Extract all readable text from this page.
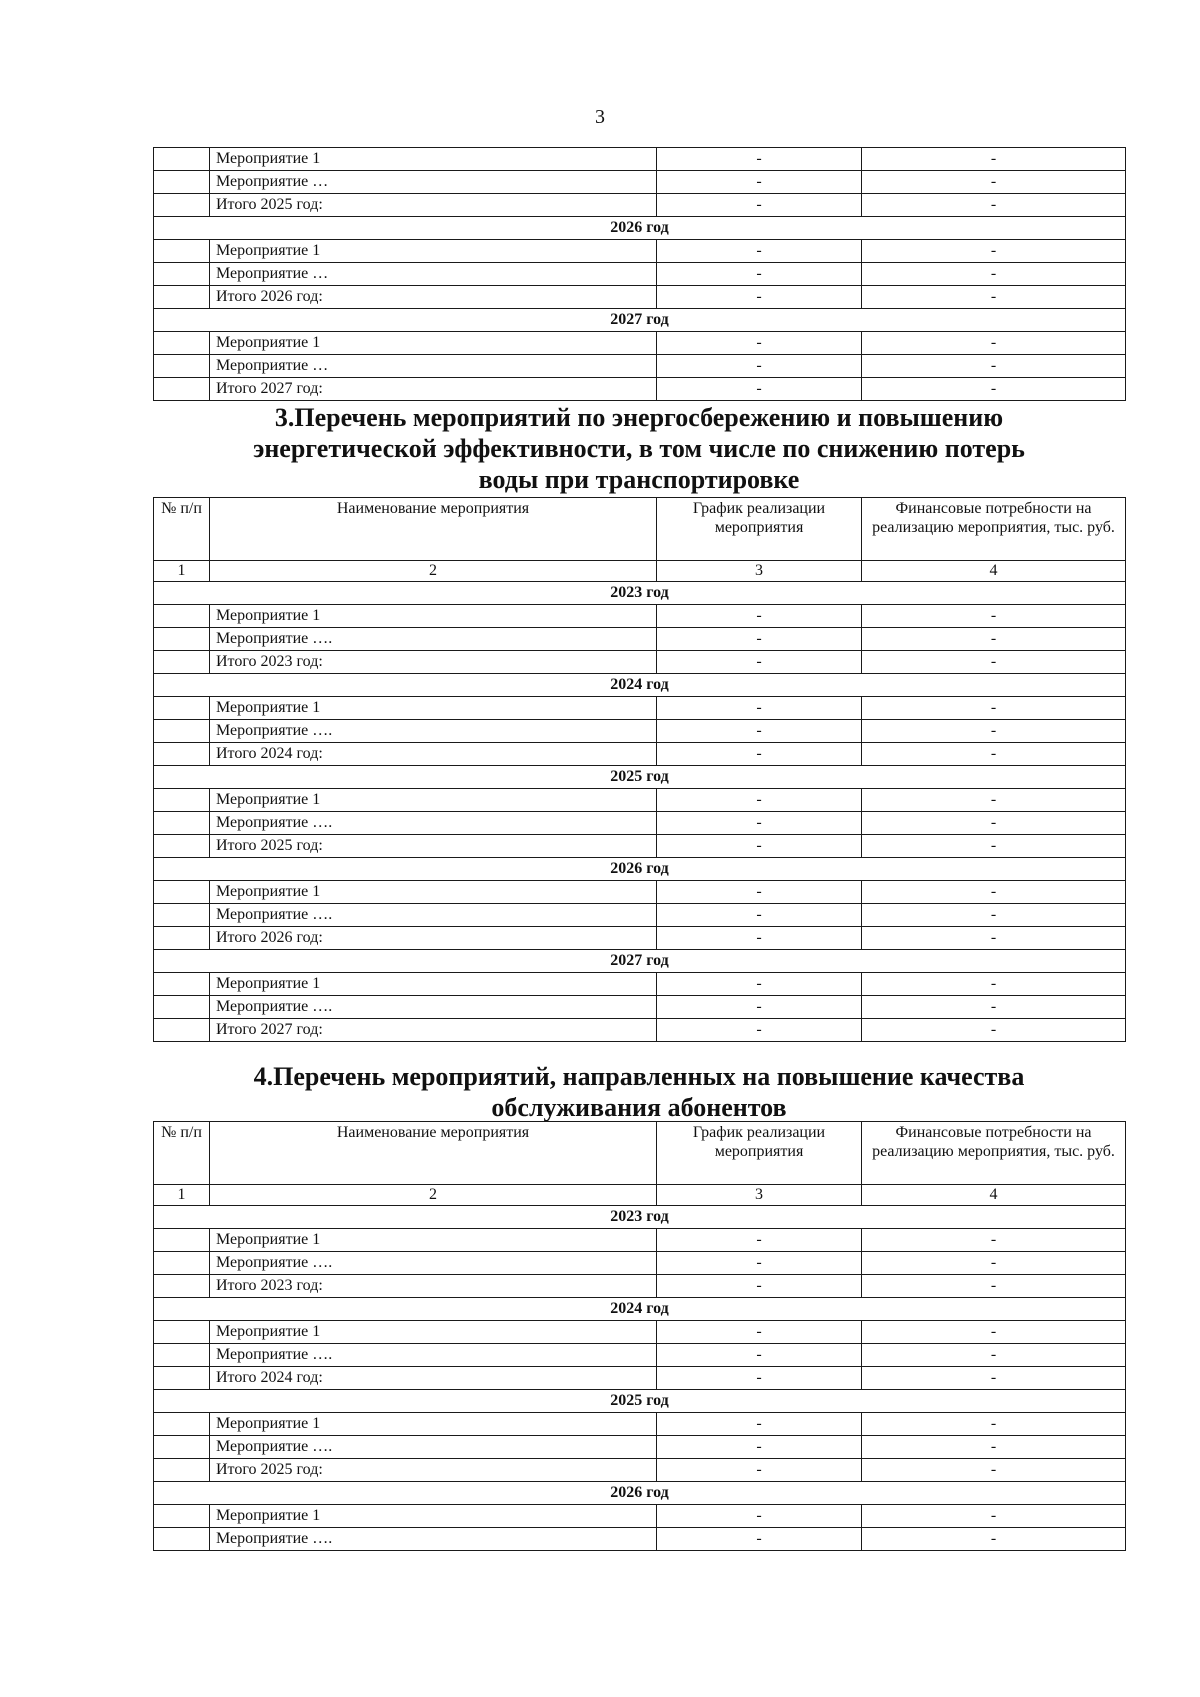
3
	Мероприятие 1	-	-
	Мероприятие …	-	-
	Итого 2025 год:	-	-
2026 год			
	Мероприятие 1	-	-
	Мероприятие …	-	-
	Итого 2026 год:	-	-
2027 год			
	Мероприятие 1	-	-
	Мероприятие …	-	-
	Итого 2027 год:	-	-
3.Перечень мероприятий по энергосбережению и повышению
энергетической эффективности, в том числе по снижению потерь
воды при транспортировке
№ п/п	Наименование мероприятия	График реализации мероприятия	Финансовые потребности на реализацию мероприятия, тыс. руб.
1	2	3	4
2023 год			
	Мероприятие 1	-	-
	Мероприятие ….	-	-
	Итого 2023 год:	-	-
2024 год			
	Мероприятие 1	-	-
	Мероприятие ….	-	-
	Итого 2024 год:	-	-
2025 год			
	Мероприятие 1	-	-
	Мероприятие ….	-	-
	Итого 2025 год:	-	-
2026 год			
	Мероприятие 1	-	-
	Мероприятие ….	-	-
	Итого 2026 год:	-	-
2027 год			
	Мероприятие 1	-	-
	Мероприятие ….	-	-
	Итого 2027 год:	-	-
4.Перечень мероприятий, направленных на повышение качества
обслуживания абонентов
№ п/п	Наименование мероприятия	График реализации мероприятия	Финансовые потребности на реализацию мероприятия, тыс. руб.
1	2	3	4
2023 год			
	Мероприятие 1	-	-
	Мероприятие ….	-	-
	Итого 2023 год:	-	-
2024 год			
	Мероприятие 1	-	-
	Мероприятие ….	-	-
	Итого 2024 год:	-	-
2025 год			
	Мероприятие 1	-	-
	Мероприятие ….	-	-
	Итого 2025 год:	-	-
2026 год			
	Мероприятие 1	-	-
	Мероприятие ….	-	-
